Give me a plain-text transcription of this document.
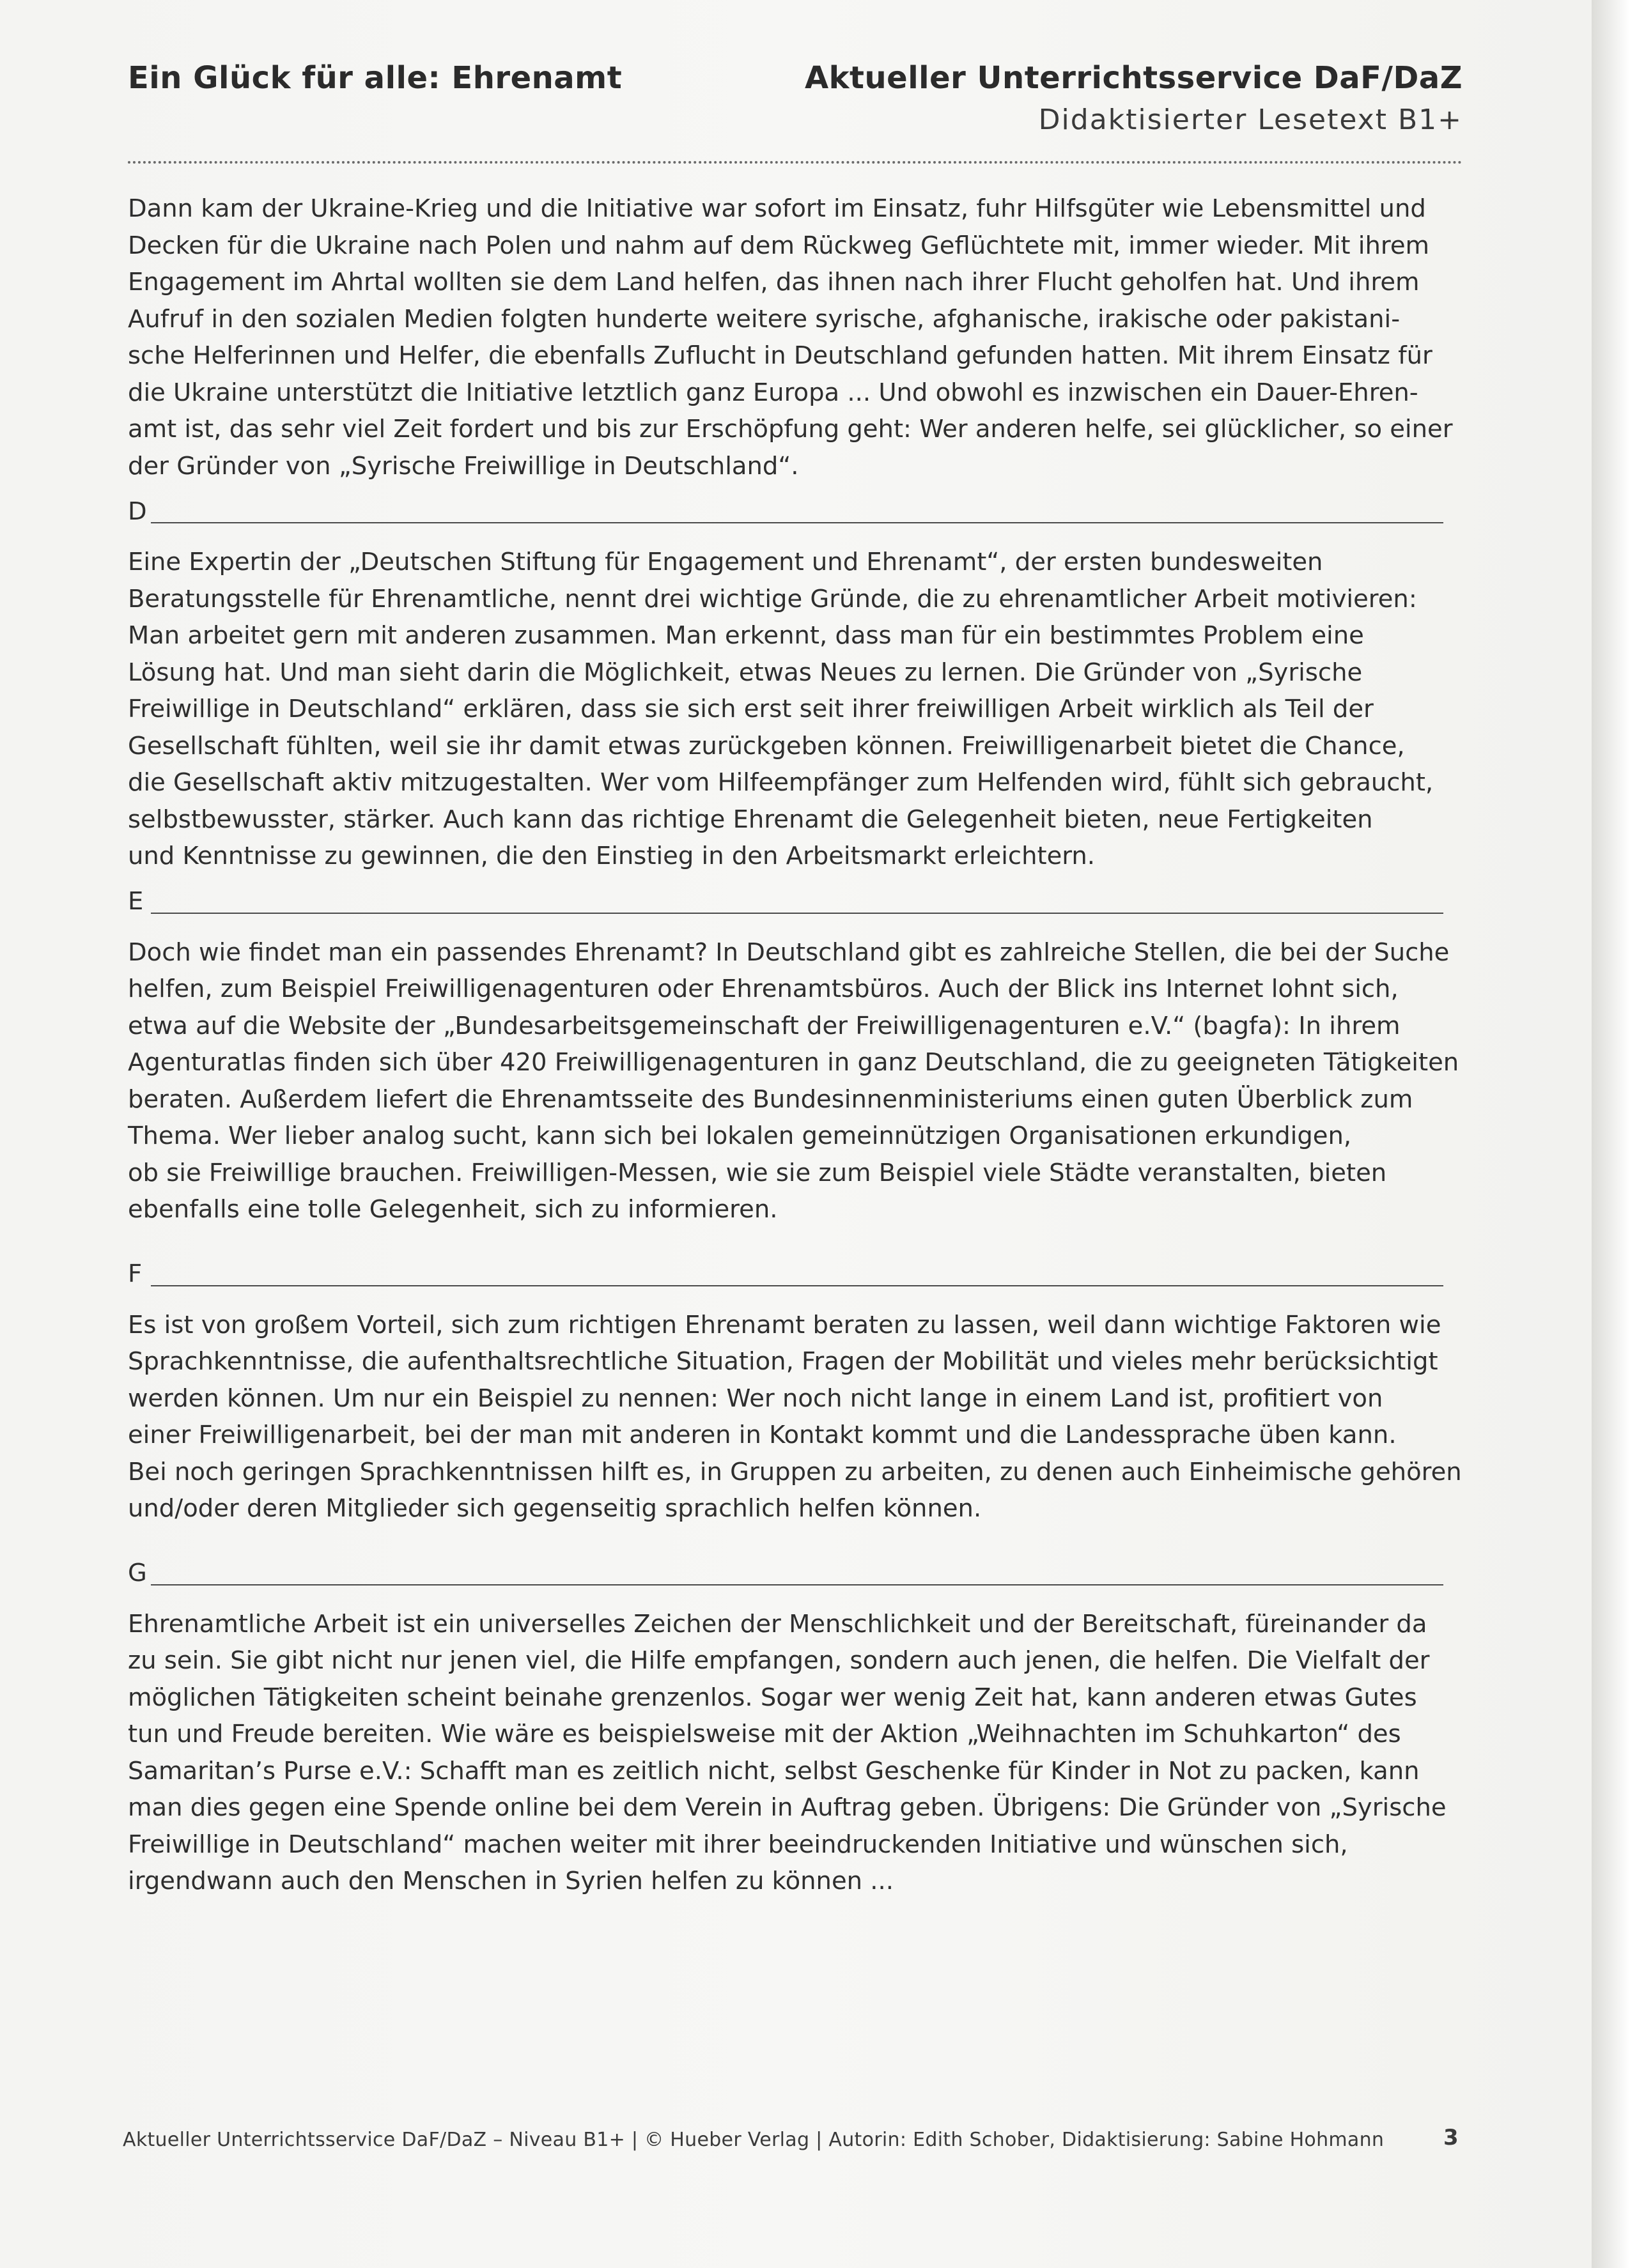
Ein Glück für alle: Ehrenamt	Aktueller Unterrichtsservice DaF/DaZ
Didaktisierter Lesetext B1+
Dann kam der Ukraine-Krieg und die Initiative war sofort im Einsatz, fuhr Hilfsgüter wie Lebensmittel und
Decken für die Ukraine nach Polen und nahm auf dem Rückweg Geflüchtete mit, immer wieder. Mit ihrem
Engagement im Ahrtal wollten sie dem Land helfen, das ihnen nach ihrer Flucht geholfen hat. Und ihrem
Aufruf in den sozialen Medien folgten hunderte weitere syrische, afghanische, irakische oder pakistani-
sche Helferinnen und Helfer, die ebenfalls Zuflucht in Deutschland gefunden hatten. Mit ihrem Einsatz für
die Ukraine unterstützt die Initiative letztlich ganz Europa ... Und obwohl es inzwischen ein Dauer-Ehren-
amt ist, das sehr viel Zeit fordert und bis zur Erschöpfung geht: Wer anderen helfe, sei glücklicher, so einer
der Gründer von „Syrische Freiwillige in Deutschland“.
D
Eine Expertin der „Deutschen Stiftung für Engagement und Ehrenamt“, der ersten bundesweiten
Beratungsstelle für Ehrenamtliche, nennt drei wichtige Gründe, die zu ehrenamtlicher Arbeit motivieren:
Man arbeitet gern mit anderen zusammen. Man erkennt, dass man für ein bestimmtes Problem eine
Lösung hat. Und man sieht darin die Möglichkeit, etwas Neues zu lernen. Die Gründer von „Syrische
Freiwillige in Deutschland“ erklären, dass sie sich erst seit ihrer freiwilligen Arbeit wirklich als Teil der
Gesellschaft fühlten, weil sie ihr damit etwas zurückgeben können. Freiwilligenarbeit bietet die Chance,
die Gesellschaft aktiv mitzugestalten. Wer vom Hilfeempfänger zum Helfenden wird, fühlt sich gebraucht,
selbstbewusster, stärker. Auch kann das richtige Ehrenamt die Gelegenheit bieten, neue Fertigkeiten
und Kenntnisse zu gewinnen, die den Einstieg in den Arbeitsmarkt erleichtern.
E
Doch wie findet man ein passendes Ehrenamt? In Deutschland gibt es zahlreiche Stellen, die bei der Suche
helfen, zum Beispiel Freiwilligenagenturen oder Ehrenamtsbüros. Auch der Blick ins Internet lohnt sich,
etwa auf die Website der „Bundesarbeitsgemeinschaft der Freiwilligenagenturen e.V.“ (bagfa): In ihrem
Agenturatlas finden sich über 420 Freiwilligenagenturen in ganz Deutschland, die zu geeigneten Tätigkeiten
beraten. Außerdem liefert die Ehrenamtsseite des Bundesinnenministeriums einen guten Überblick zum
Thema. Wer lieber analog sucht, kann sich bei lokalen gemeinnützigen Organisationen erkundigen,
ob sie Freiwillige brauchen. Freiwilligen-Messen, wie sie zum Beispiel viele Städte veranstalten, bieten
ebenfalls eine tolle Gelegenheit, sich zu informieren.
F
Es ist von großem Vorteil, sich zum richtigen Ehrenamt beraten zu lassen, weil dann wichtige Faktoren wie
Sprachkenntnisse, die aufenthaltsrechtliche Situation, Fragen der Mobilität und vieles mehr berücksichtigt
werden können. Um nur ein Beispiel zu nennen: Wer noch nicht lange in einem Land ist, profitiert von
einer Freiwilligenarbeit, bei der man mit anderen in Kontakt kommt und die Landessprache üben kann.
Bei noch geringen Sprachkenntnissen hilft es, in Gruppen zu arbeiten, zu denen auch Einheimische gehören
und/oder deren Mitglieder sich gegenseitig sprachlich helfen können.
G
Ehrenamtliche Arbeit ist ein universelles Zeichen der Menschlichkeit und der Bereitschaft, füreinander da
zu sein. Sie gibt nicht nur jenen viel, die Hilfe empfangen, sondern auch jenen, die helfen. Die Vielfalt der
möglichen Tätigkeiten scheint beinahe grenzenlos. Sogar wer wenig Zeit hat, kann anderen etwas Gutes
tun und Freude bereiten. Wie wäre es beispielsweise mit der Aktion „Weihnachten im Schuhkarton“ des
Samaritan’s Purse e.V.: Schafft man es zeitlich nicht, selbst Geschenke für Kinder in Not zu packen, kann
man dies gegen eine Spende online bei dem Verein in Auftrag geben. Übrigens: Die Gründer von „Syrische
Freiwillige in Deutschland“ machen weiter mit ihrer beeindruckenden Initiative und wünschen sich,
irgendwann auch den Menschen in Syrien helfen zu können ...
Aktueller Unterrichtsservice DaF/DaZ – Niveau B1+ | © Hueber Verlag | Autorin: Edith Schober, Didaktisierung: Sabine Hohmann	3
